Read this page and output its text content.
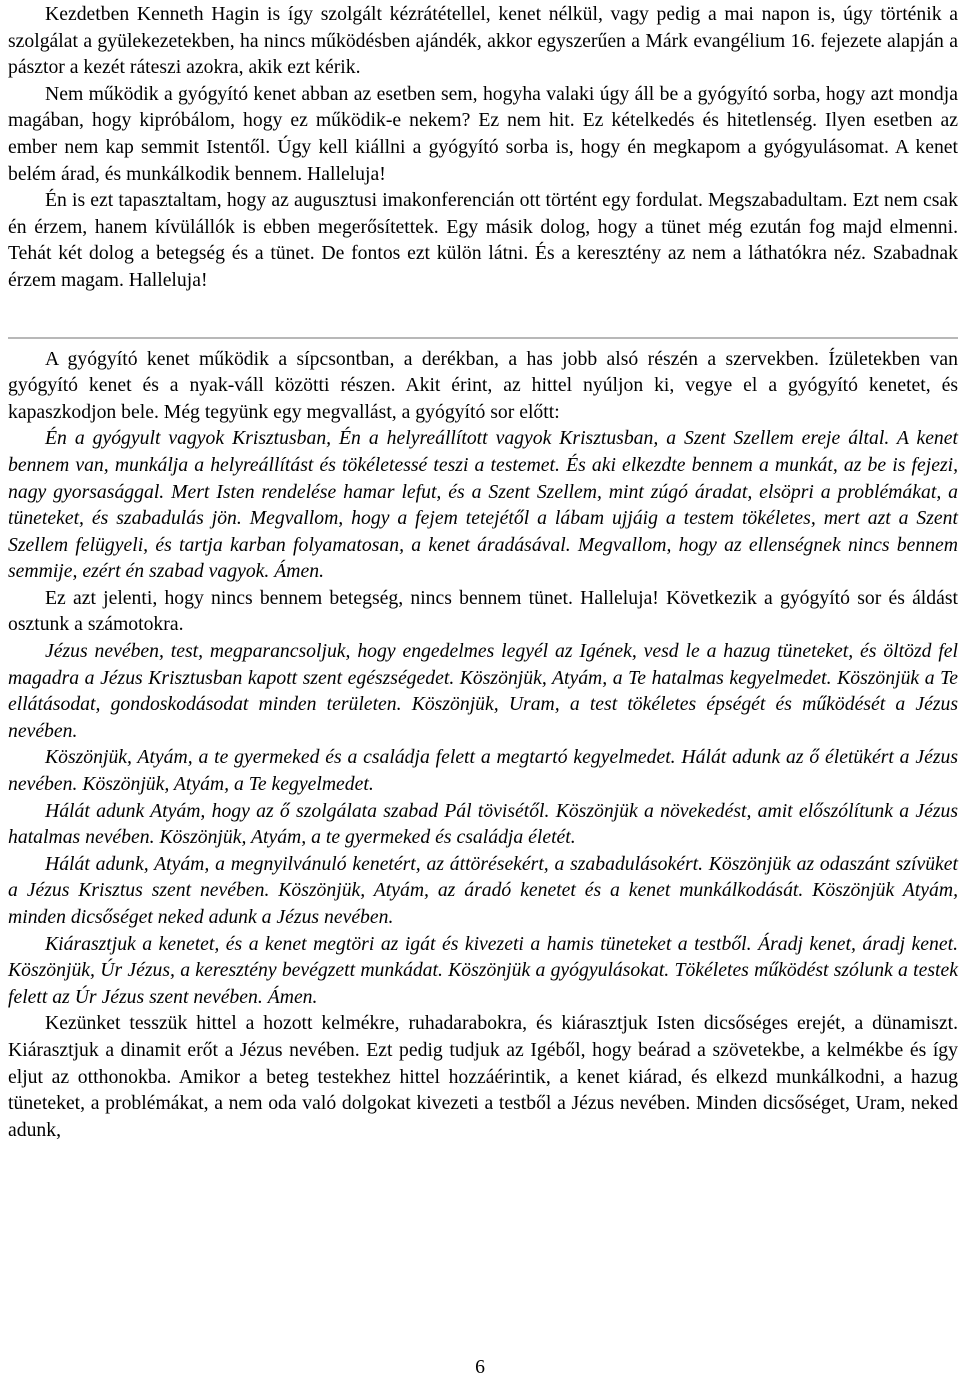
Kezdetben Kenneth Hagin is így szolgált kézrátétellel, kenet nélkül, vagy pedig a mai napon is, úgy történik a szolgálat a gyülekezetekben, ha nincs működésben ajándék, akkor egyszerűen a Márk evangélium 16. fejezete alapján a pásztor a kezét ráteszi azokra, akik ezt kérik.

Nem működik a gyógyító kenet abban az esetben sem, hogyha valaki úgy áll be a gyógyító sorba, hogy azt mondja magában, hogy kipróbálom, hogy ez működik-e nekem? Ez nem hit. Ez kételkedés és hitetlenség. Ilyen esetben az ember nem kap semmit Istentől. Úgy kell kiállni a gyógyító sorba is, hogy én megkapom a gyógyulásomat. A kenet belém árad, és munkálkodik bennem. Halleluja!

Én is ezt tapasztaltam, hogy az augusztusi imakonferencián ott történt egy fordulat. Megszabadultam. Ezt nem csak én érzem, hanem kívülállók is ebben megerősítettek. Egy másik dolog, hogy a tünet még ezután fog majd elmenni. Tehát két dolog a betegség és a tünet. De fontos ezt külön látni. És a keresztény az nem a láthatókra néz. Szabadnak érzem magam. Halleluja!

A gyógyító kenet működik a sípcsontban, a derékban, a has jobb alsó részén a szervekben. Ízületekben van gyógyító kenet és a nyak-váll közötti részen. Akit érint, az hittel nyúljon ki, vegye el a gyógyító kenetet, és kapaszkodjon bele. Még tegyünk egy megvallást, a gyógyító sor előtt:

Én a gyógyult vagyok Krisztusban, Én a helyreállított vagyok Krisztusban, a Szent Szellem ereje által. A kenet bennem van, munkálja a helyreállítást és tökéletessé teszi a testemet. És aki elkezdte bennem a munkát, az be is fejezi, nagy gyorsasággal. Mert Isten rendelése hamar lefut, és a Szent Szellem, mint zúgó áradat, elsöpri a problémákat, a tüneteket, és szabadulás jön. Megvallom, hogy a fejem tetejétől a lábam ujjáig a testem tökéletes, mert azt a Szent Szellem felügyeli, és tartja karban folyamatosan, a kenet áradásával. Megvallom, hogy az ellenségnek nincs bennem semmije, ezért én szabad vagyok. Ámen.

Ez azt jelenti, hogy nincs bennem betegség, nincs bennem tünet. Halleluja! Következik a gyógyító sor és áldást osztunk a számotokra.

Jézus nevében, test, megparancsoljuk, hogy engedelmes legyél az Igének, vesd le a hazug tüneteket, és öltözd fel magadra a Jézus Krisztusban kapott szent egészségedet. Köszönjük, Atyám, a Te hatalmas kegyelmedet. Köszönjük a Te ellátásodat, gondoskodásodat minden területen. Köszönjük, Uram, a test tökéletes épségét és működését a Jézus nevében.

Köszönjük, Atyám, a te gyermeked és a családja felett a megtartó kegyelmedet. Hálát adunk az ő életükért a Jézus nevében. Köszönjük, Atyám, a Te kegyelmedet.

Hálát adunk Atyám, hogy az ő szolgálata szabad Pál tövisétől. Köszönjük a növekedést, amit előszólítunk a Jézus hatalmas nevében. Köszönjük, Atyám, a te gyermeked és családja életét.

Hálát adunk, Atyám, a megnyilvánuló kenetért, az áttörésekért, a szabadulásokért. Köszönjük az odaszánt szívüket a Jézus Krisztus szent nevében. Köszönjük, Atyám, az áradó kenetet és a kenet munkálkodását. Köszönjük Atyám, minden dicsőséget neked adunk a Jézus nevében.

Kiárasztjuk a kenetet, és a kenet megtöri az igát és kivezeti a hamis tüneteket a testből. Áradj kenet, áradj kenet. Köszönjük, Úr Jézus, a keresztény bevégzett munkádat. Köszönjük a gyógyulásokat. Tökéletes működést szólunk a testek felett az Úr Jézus szent nevében. Ámen.

Kezünket tesszük hittel a hozott kelmékre, ruhadarabokra, és kiárasztjuk Isten dicsőséges erejét, a dünamiszt. Kiárasztjuk a dinamit erőt a Jézus nevében. Ezt pedig tudjuk az Igéből, hogy beárad a szövetekbe, a kelmékbe és így eljut az otthonokba. Amikor a beteg testekhez hittel hozzáérintik, a kenet kiárad, és elkezd munkálkodni, a hazug tüneteket, a problémákat, a nem oda való dolgokat kivezeti a testből a Jézus nevében. Minden dicsőséget, Uram, neked adunk,

6
